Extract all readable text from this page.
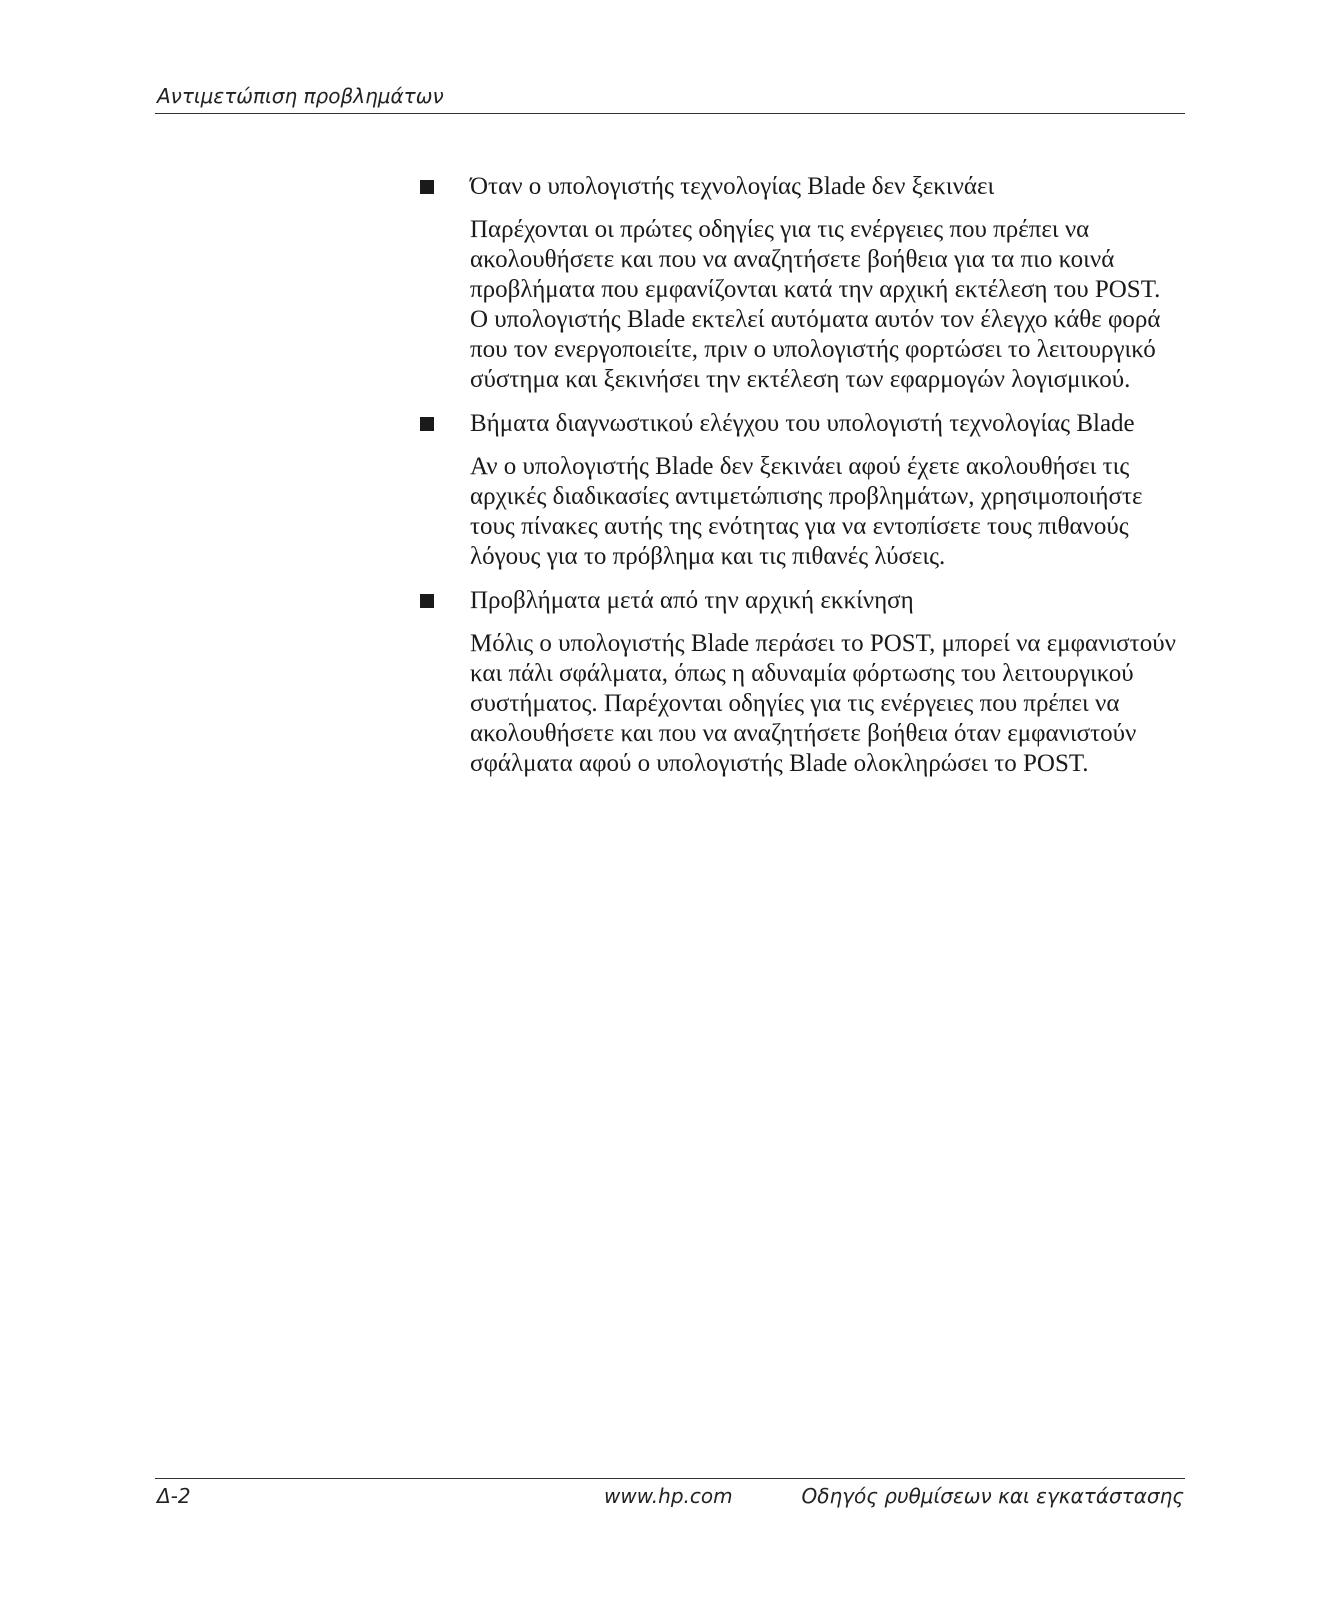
Αντιμετώπιση προβλημάτων

Όταν ο υπολογιστής τεχνολογίας Blade δεν ξεκινάει

Παρέχονται οι πρώτες οδηγίες για τις ενέργειες που πρέπει να ακολουθήσετε και που να αναζητήσετε βοήθεια για τα πιο κοινά προβλήματα που εμφανίζονται κατά την αρχική εκτέλεση του POST. Ο υπολογιστής Blade εκτελεί αυτόματα αυτόν τον έλεγχο κάθε φορά που τον ενεργοποιείτε, πριν ο υπολογιστής φορτώσει το λειτουργικό σύστημα και ξεκινήσει την εκτέλεση των εφαρμογών λογισμικού.

Βήματα διαγνωστικού ελέγχου του υπολογιστή τεχνολογίας Blade

Αν ο υπολογιστής Blade δεν ξεκινάει αφού έχετε ακολουθήσει τις αρχικές διαδικασίες αντιμετώπισης προβλημάτων, χρησιμοποιήστε τους πίνακες αυτής της ενότητας για να εντοπίσετε τους πιθανούς λόγους για το πρόβλημα και τις πιθανές λύσεις.

Προβλήματα μετά από την αρχική εκκίνηση

Μόλις ο υπολογιστής Blade περάσει το POST, μπορεί να εμφανιστούν και πάλι σφάλματα, όπως η αδυναμία φόρτωσης του λειτουργικού συστήματος. Παρέχονται οδηγίες για τις ενέργειες που πρέπει να ακολουθήσετε και που να αναζητήσετε βοήθεια όταν εμφανιστούν σφάλματα αφού ο υπολογιστής Blade ολοκληρώσει το POST.

Δ-2	www.hp.com	Οδηγός ρυθμίσεων και εγκατάστασης
